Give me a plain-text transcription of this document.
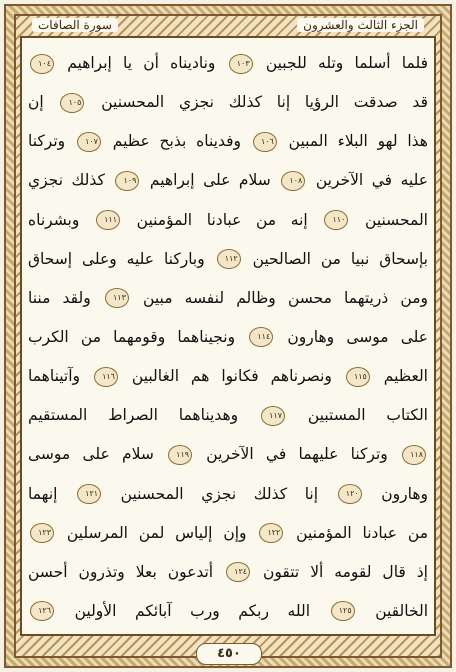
الجزء الثالث والعشرون
سورة الصافات
فلما أسلما وتله للجبين ١٠٣ وناديناه أن يا إبراهيم ١٠٤
قد صدقت الرؤيا إنا كذلك نجزي المحسنين ١٠٥ إن
هذا لهو البلاء المبين ١٠٦ وفديناه بذبح عظيم ١٠٧ وتركنا
عليه في الآخرين ١٠٨ سلام على إبراهيم ١٠٩ كذلك نجزي
المحسنين ١١٠ إنه من عبادنا المؤمنين ١١١ وبشرناه
بإسحاق نبيا من الصالحين ١١٢ وباركنا عليه وعلى إسحاق
ومن ذريتهما محسن وظالم لنفسه مبين ١١٣ ولقد مننا
على موسى وهارون ١١٤ ونجيناهما وقومهما من الكرب
العظيم ١١٥ ونصرناهم فكانوا هم الغالبين ١١٦ وآتيناهما
الكتاب المستبين ١١٧ وهديناهما الصراط المستقيم
١١٨ وتركنا عليهما في الآخرين ١١٩ سلام على موسى
وهارون ١٢٠ إنا كذلك نجزي المحسنين ١٢١ إنهما
من عبادنا المؤمنين ١٢٢ وإن إلياس لمن المرسلين ١٢٣
إذ قال لقومه ألا تتقون ١٢٤ أتدعون بعلا وتذرون أحسن
الخالقين ١٢٥ الله ربكم ورب آبائكم الأولين ١٢٦
٤٥٠
